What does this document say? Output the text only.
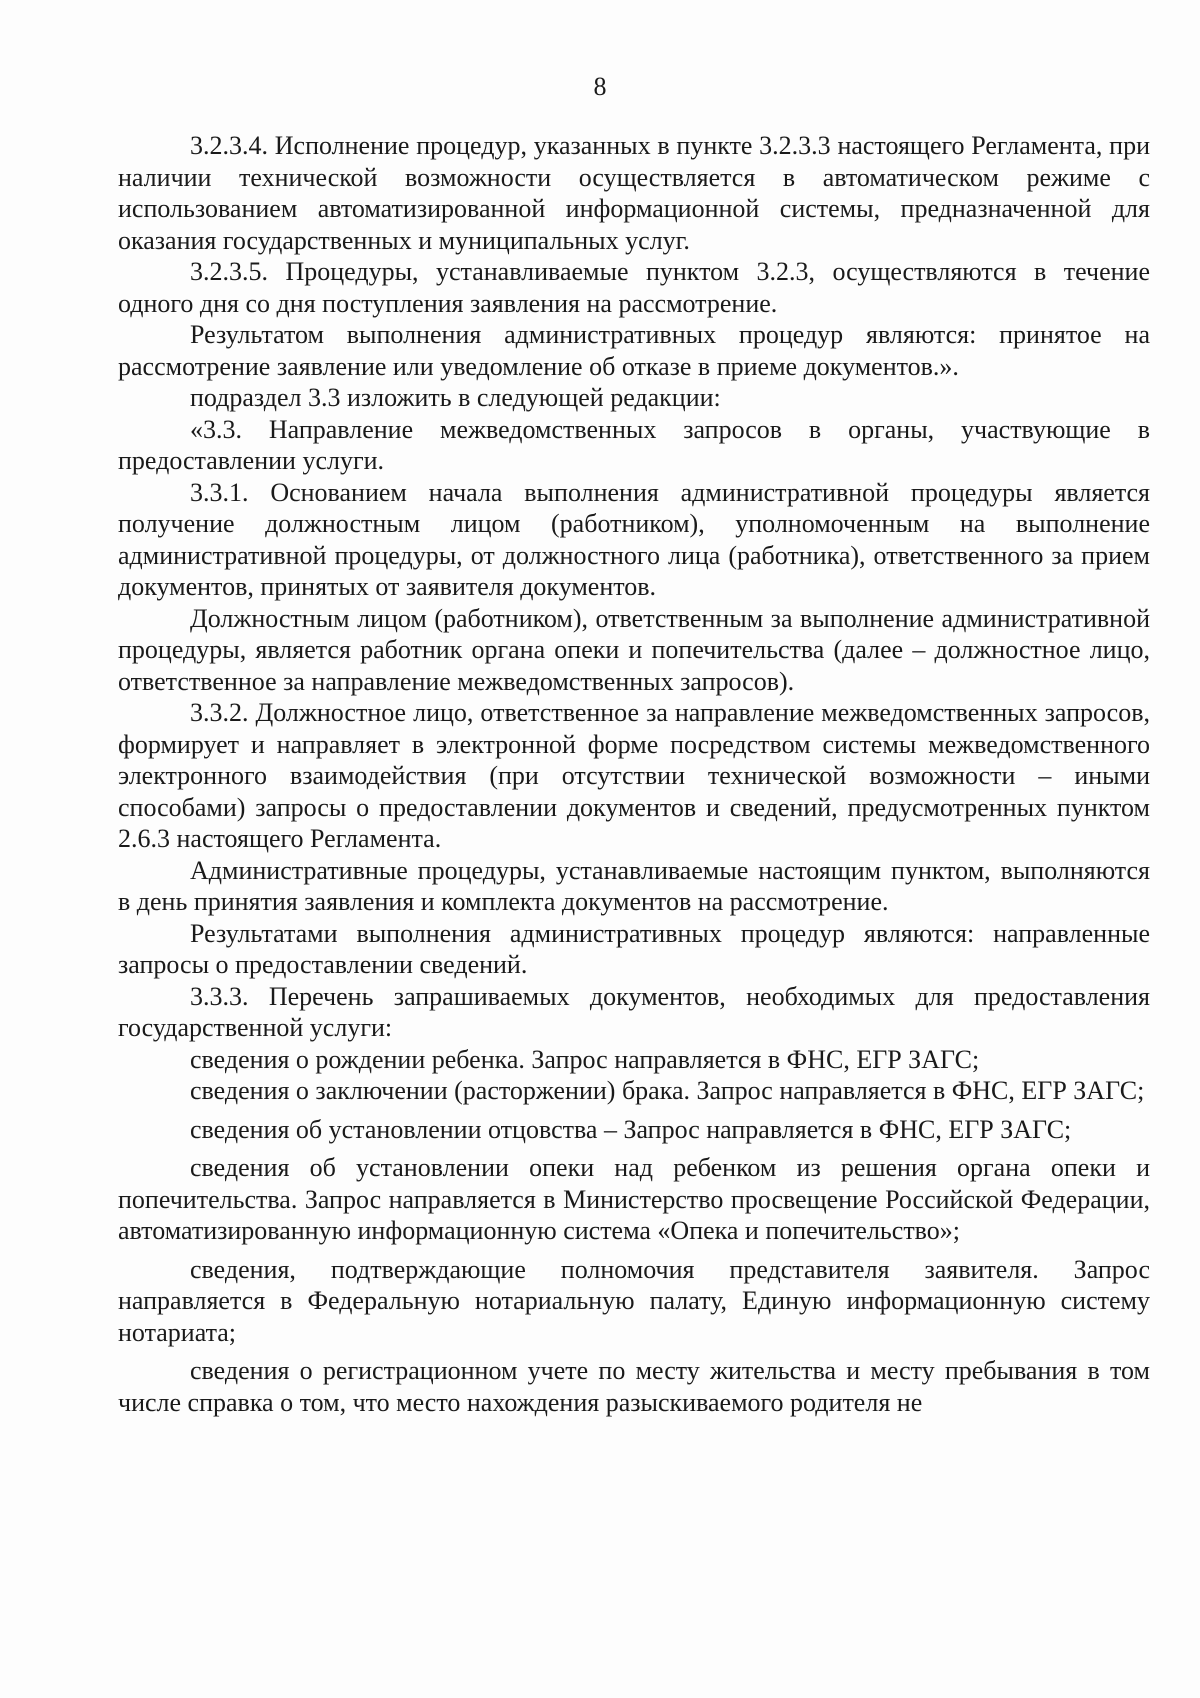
8

3.2.3.4. Исполнение процедур, указанных в пункте 3.2.3.3 настоящего Регламента, при наличии технической возможности осуществляется в автоматическом режиме с использованием автоматизированной информационной системы, предназначенной для оказания государственных и муниципальных услуг.

3.2.3.5. Процедуры, устанавливаемые пунктом 3.2.3, осуществляются в течение одного дня со дня поступления заявления на рассмотрение.

Результатом выполнения административных процедур являются: принятое на рассмотрение заявление или уведомление об отказе в приеме документов.».

подраздел 3.3 изложить в следующей редакции:

«3.3. Направление межведомственных запросов в органы, участвующие в предоставлении услуги.

3.3.1. Основанием начала выполнения административной процедуры является получение должностным лицом (работником), уполномоченным на выполнение административной процедуры, от должностного лица (работника), ответственного за прием документов, принятых от заявителя документов.

Должностным лицом (работником), ответственным за выполнение административной процедуры, является работник органа опеки и попечительства (далее – должностное лицо, ответственное за направление межведомственных запросов).

3.3.2. Должностное лицо, ответственное за направление межведомственных запросов, формирует и направляет в электронной форме посредством системы межведомственного электронного взаимодействия (при отсутствии технической возможности – иными способами) запросы о предоставлении документов и сведений, предусмотренных пунктом 2.6.3 настоящего Регламента.

Административные процедуры, устанавливаемые настоящим пунктом, выполняются в день принятия заявления и комплекта документов на рассмотрение.

Результатами выполнения административных процедур являются: направленные запросы о предоставлении сведений.

3.3.3. Перечень запрашиваемых документов, необходимых для предоставления государственной услуги:

сведения о рождении ребенка. Запрос направляется в ФНС, ЕГР ЗАГС;

сведения о заключении (расторжении) брака. Запрос направляется в ФНС, ЕГР ЗАГС;

сведения об установлении отцовства – Запрос направляется в ФНС, ЕГР ЗАГС;

сведения об установлении опеки над ребенком из решения органа опеки и попечительства. Запрос направляется в Министерство просвещение Российской Федерации, автоматизированную информационную система «Опека и попечительство»;

сведения, подтверждающие полномочия представителя заявителя. Запрос направляется в Федеральную нотариальную палату, Единую информационную систему нотариата;

сведения о регистрационном учете по месту жительства и месту пребывания в том числе справка о том, что место нахождения разыскиваемого родителя не
